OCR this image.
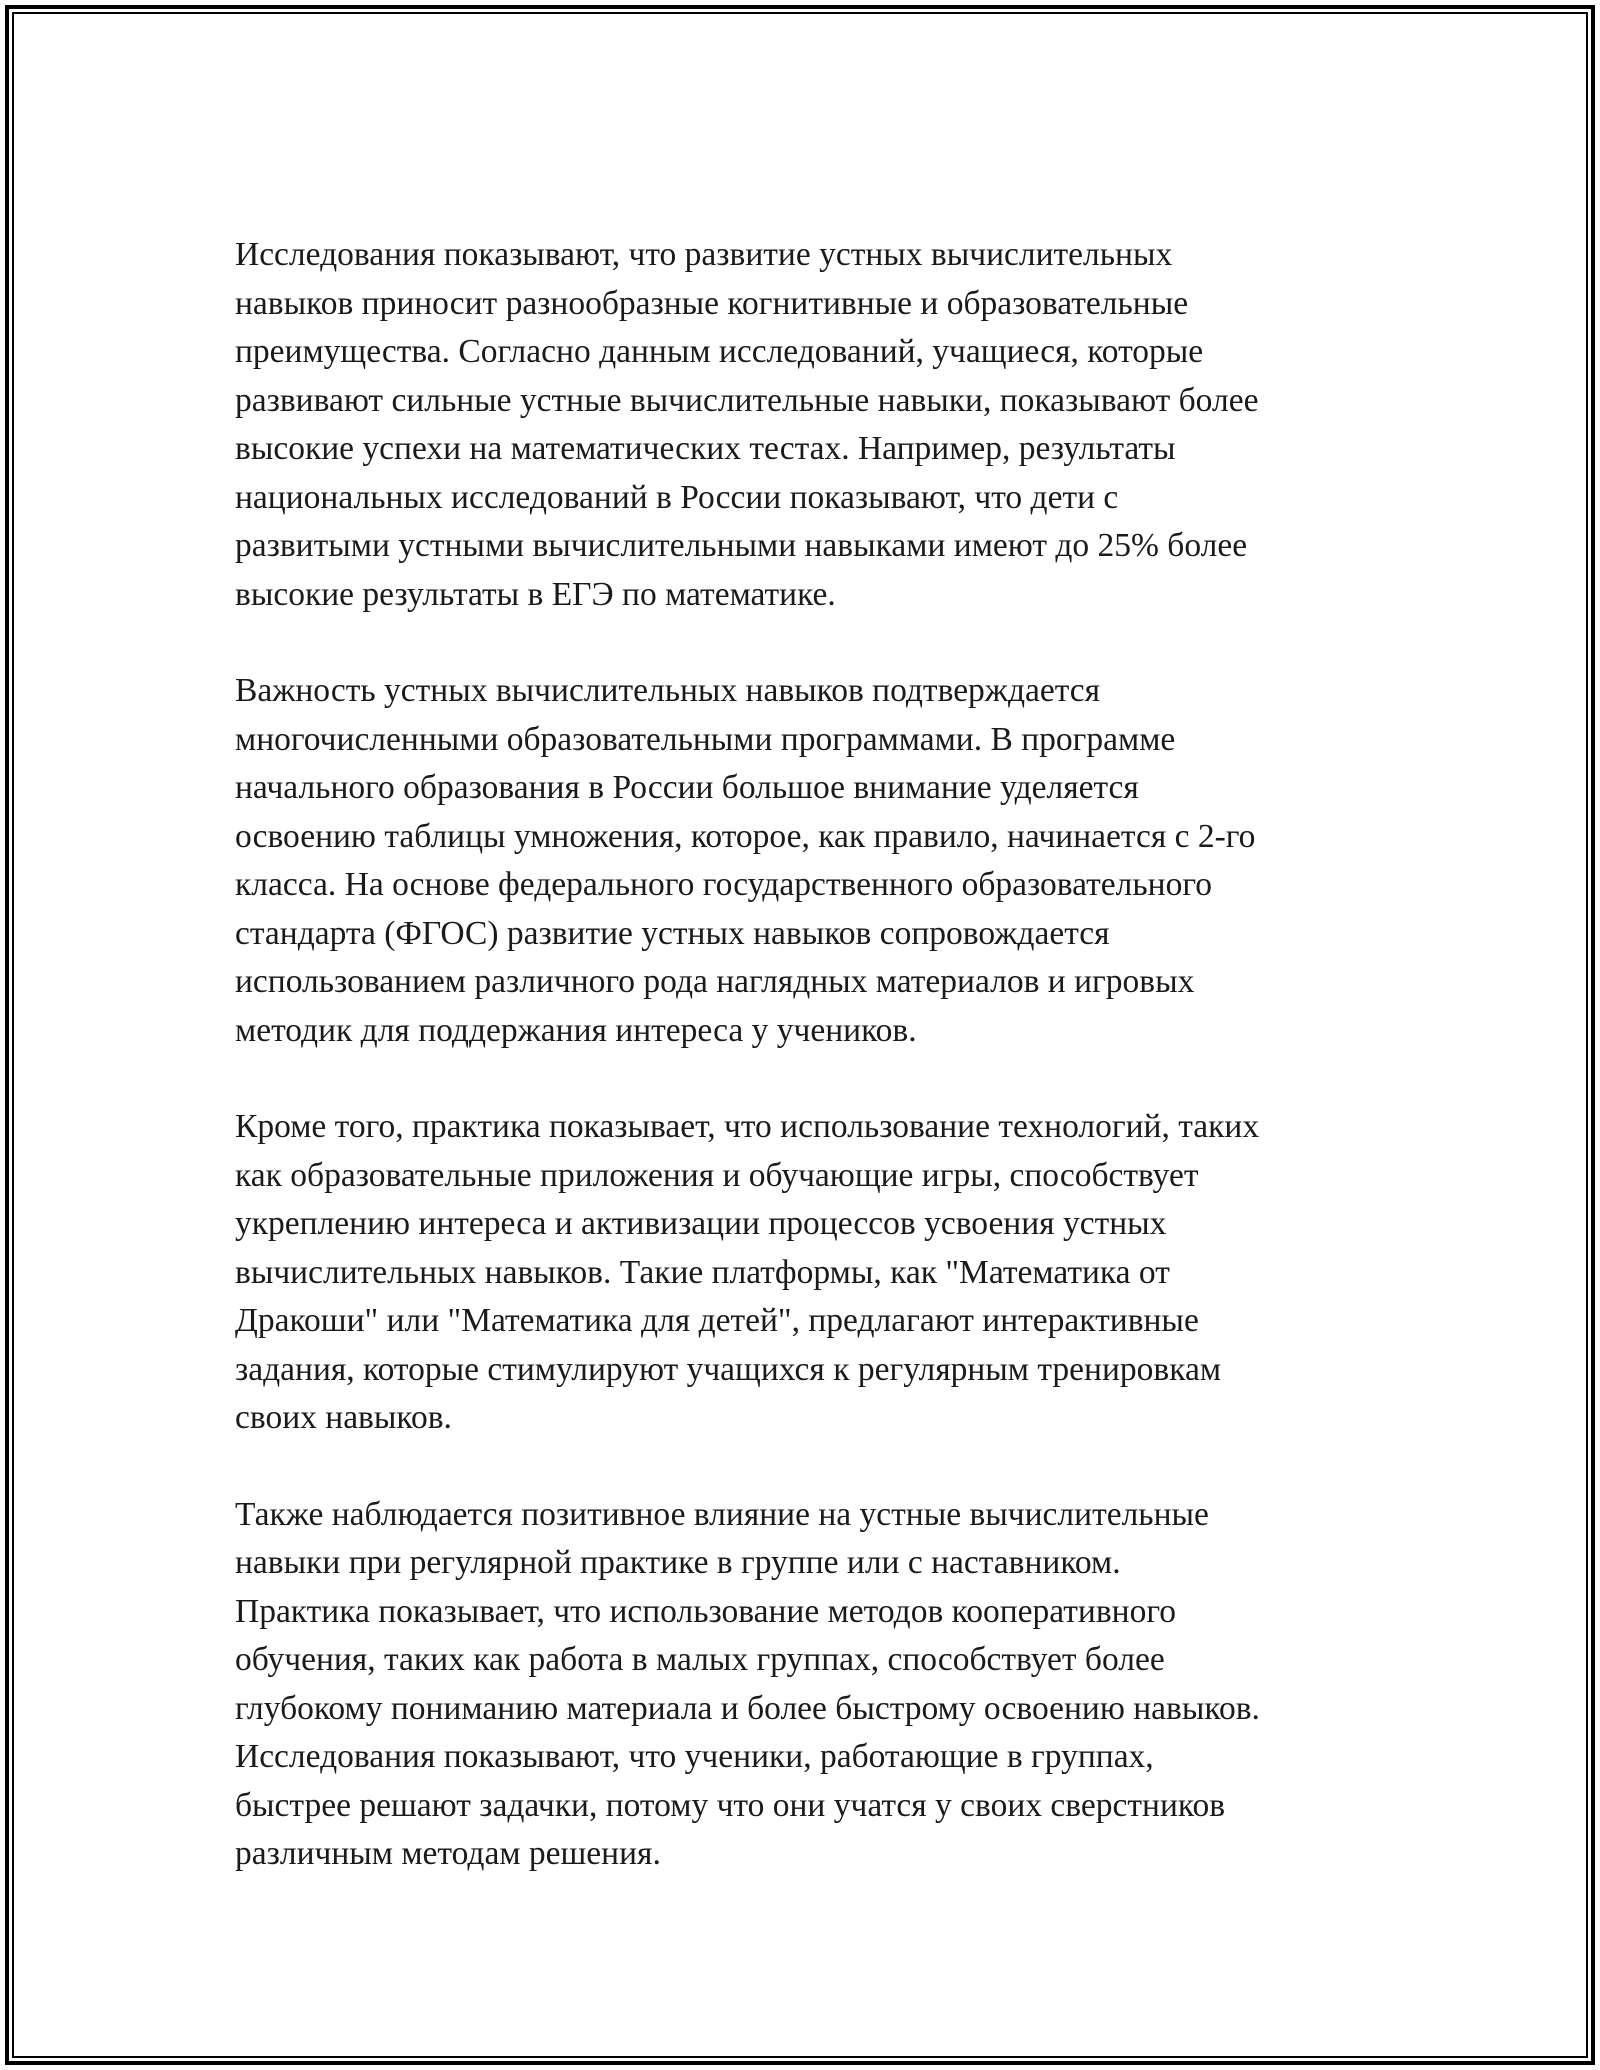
Исследования показывают, что развитие устных вычислительных
навыков приносит разнообразные когнитивные и образовательные
преимущества. Согласно данным исследований, учащиеся, которые
развивают сильные устные вычислительные навыки, показывают более
высокие успехи на математических тестах. Например, результаты
национальных исследований в России показывают, что дети с
развитыми устными вычислительными навыками имеют до 25% более
высокие результаты в ЕГЭ по математике.

Важность устных вычислительных навыков подтверждается
многочисленными образовательными программами. В программе
начального образования в России большое внимание уделяется
освоению таблицы умножения, которое, как правило, начинается с 2-го
класса. На основе федерального государственного образовательного
стандарта (ФГОС) развитие устных навыков сопровождается
использованием различного рода наглядных материалов и игровых
методик для поддержания интереса у учеников.

Кроме того, практика показывает, что использование технологий, таких
как образовательные приложения и обучающие игры, способствует
укреплению интереса и активизации процессов усвоения устных
вычислительных навыков. Такие платформы, как "Математика от
Дракоши" или "Математика для детей", предлагают интерактивные
задания, которые стимулируют учащихся к регулярным тренировкам
своих навыков.

Также наблюдается позитивное влияние на устные вычислительные
навыки при регулярной практике в группе или с наставником.
Практика показывает, что использование методов кооперативного
обучения, таких как работа в малых группах, способствует более
глубокому пониманию материала и более быстрому освоению навыков.
Исследования показывают, что ученики, работающие в группах,
быстрее решают задачки, потому что они учатся у своих сверстников
различным методам решения.
